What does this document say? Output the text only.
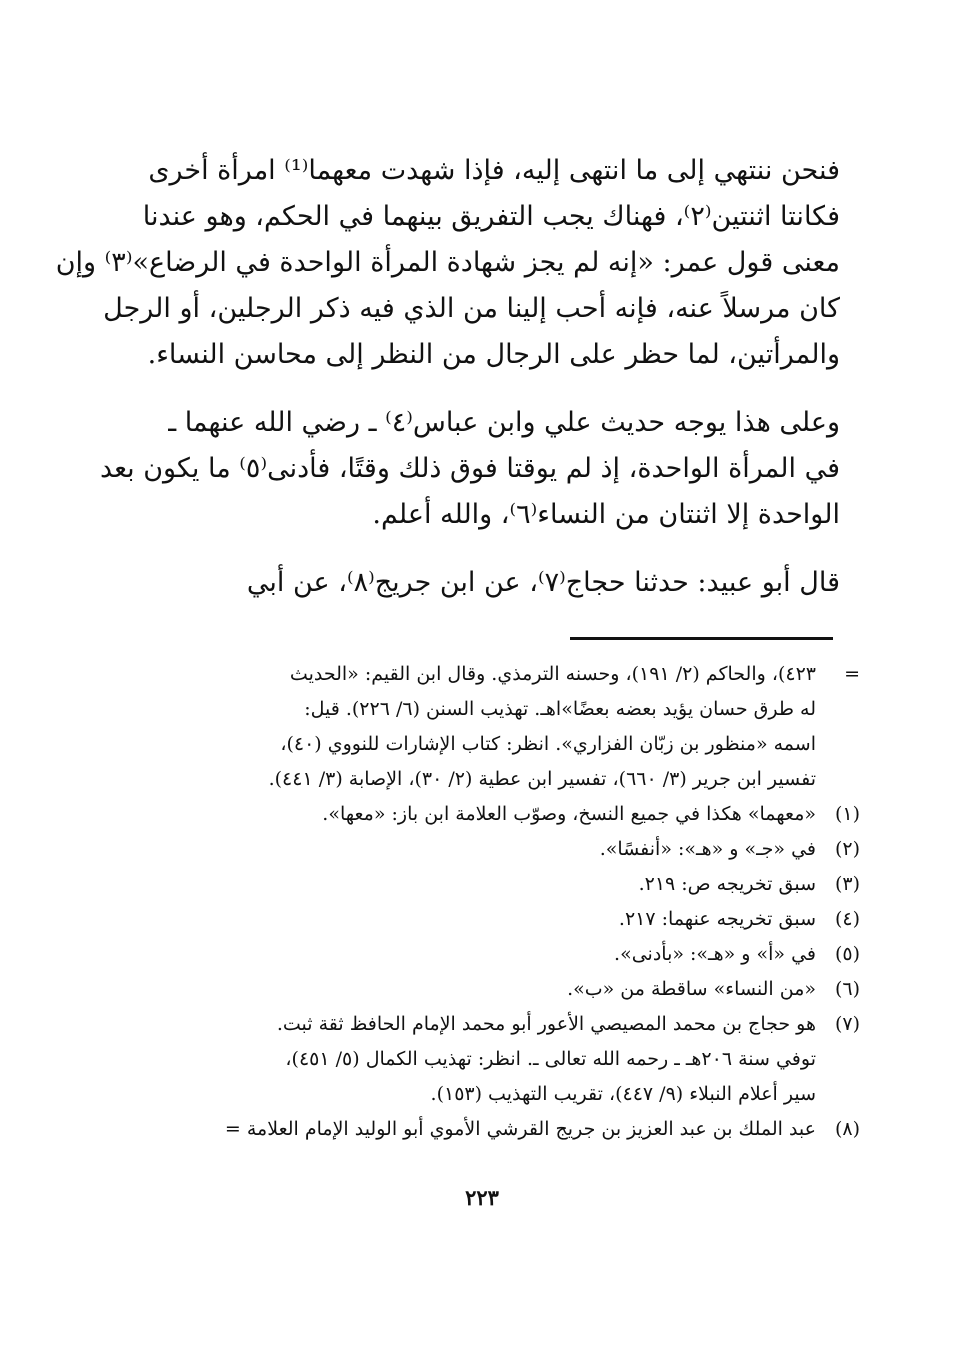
فنحن ننتهي إلى ما انتهى إليه، فإذا شهدت معهما⁽¹⁾ امرأة أخرى
فكانتا اثنتين⁽٢⁾، فهناك يجب التفريق بينهما في الحكم، وهو عندنا
معنى قول عمر: «إنه لم يجز شهادة المرأة الواحدة في الرضاع»⁽٣⁾ وإن
كان مرسلاً عنه، فإنه أحب إلينا من الذي فيه ذكر الرجلين، أو الرجل
والمرأتين، لما حظر على الرجال من النظر إلى محاسن النساء.

وعلى هذا يوجه حديث علي وابن عباس⁽٤⁾ ـ رضي الله عنهما ـ
في المرأة الواحدة، إذ لم يوقتا فوق ذلك وقتًا، فأدنى⁽٥⁾ ما يكون بعد
الواحدة إلا اثنتان من النساء⁽٦⁾، والله أعلم.

قال أبو عبيد: حدثنا حجاج⁽٧⁾، عن ابن جريج⁽٨⁾، عن أبي

=
٤٢٣)، والحاكم (٢/ ١٩١)، وحسنه الترمذي. وقال ابن القيم: «الحديث
له طرق حسان يؤيد بعضه بعضًا»اهـ. تهذيب السنن (٦/ ٢٢٦). قيل:
اسمه «منظور بن زبّان الفزاري». انظر: كتاب الإشارات للنووي (٤٠)،
تفسير ابن جرير (٣/ ٦٦٠)، تفسير ابن عطية (٢/ ٣٠)، الإصابة (٣/ ٤٤١).
(١)
«معهما» هكذا في جميع النسخ، وصوّب العلامة ابن باز: «معها».
(٢)
في «جـ» و «هـ»: «أنفسًا».
(٣)
سبق تخريجه ص: ٢١٩.
(٤)
سبق تخريجه عنهما: ٢١٧.
(٥)
في «أ» و «هـ»: «بأدنى».
(٦)
«من النساء» ساقطة من «ب».
(٧)
هو حجاج بن محمد المصيصي الأعور أبو محمد الإمام الحافظ ثقة ثبت.
توفي سنة ٢٠٦هـ ـ رحمه الله تعالى ـ. انظر: تهذيب الكمال (٥/ ٤٥١)،
سير أعلام النبلاء (٩/ ٤٤٧)، تقريب التهذيب (١٥٣).
(٨)
عبد الملك بن عبد العزيز بن جريج القرشي الأموي أبو الوليد الإمام العلامة =
٢٢٣
